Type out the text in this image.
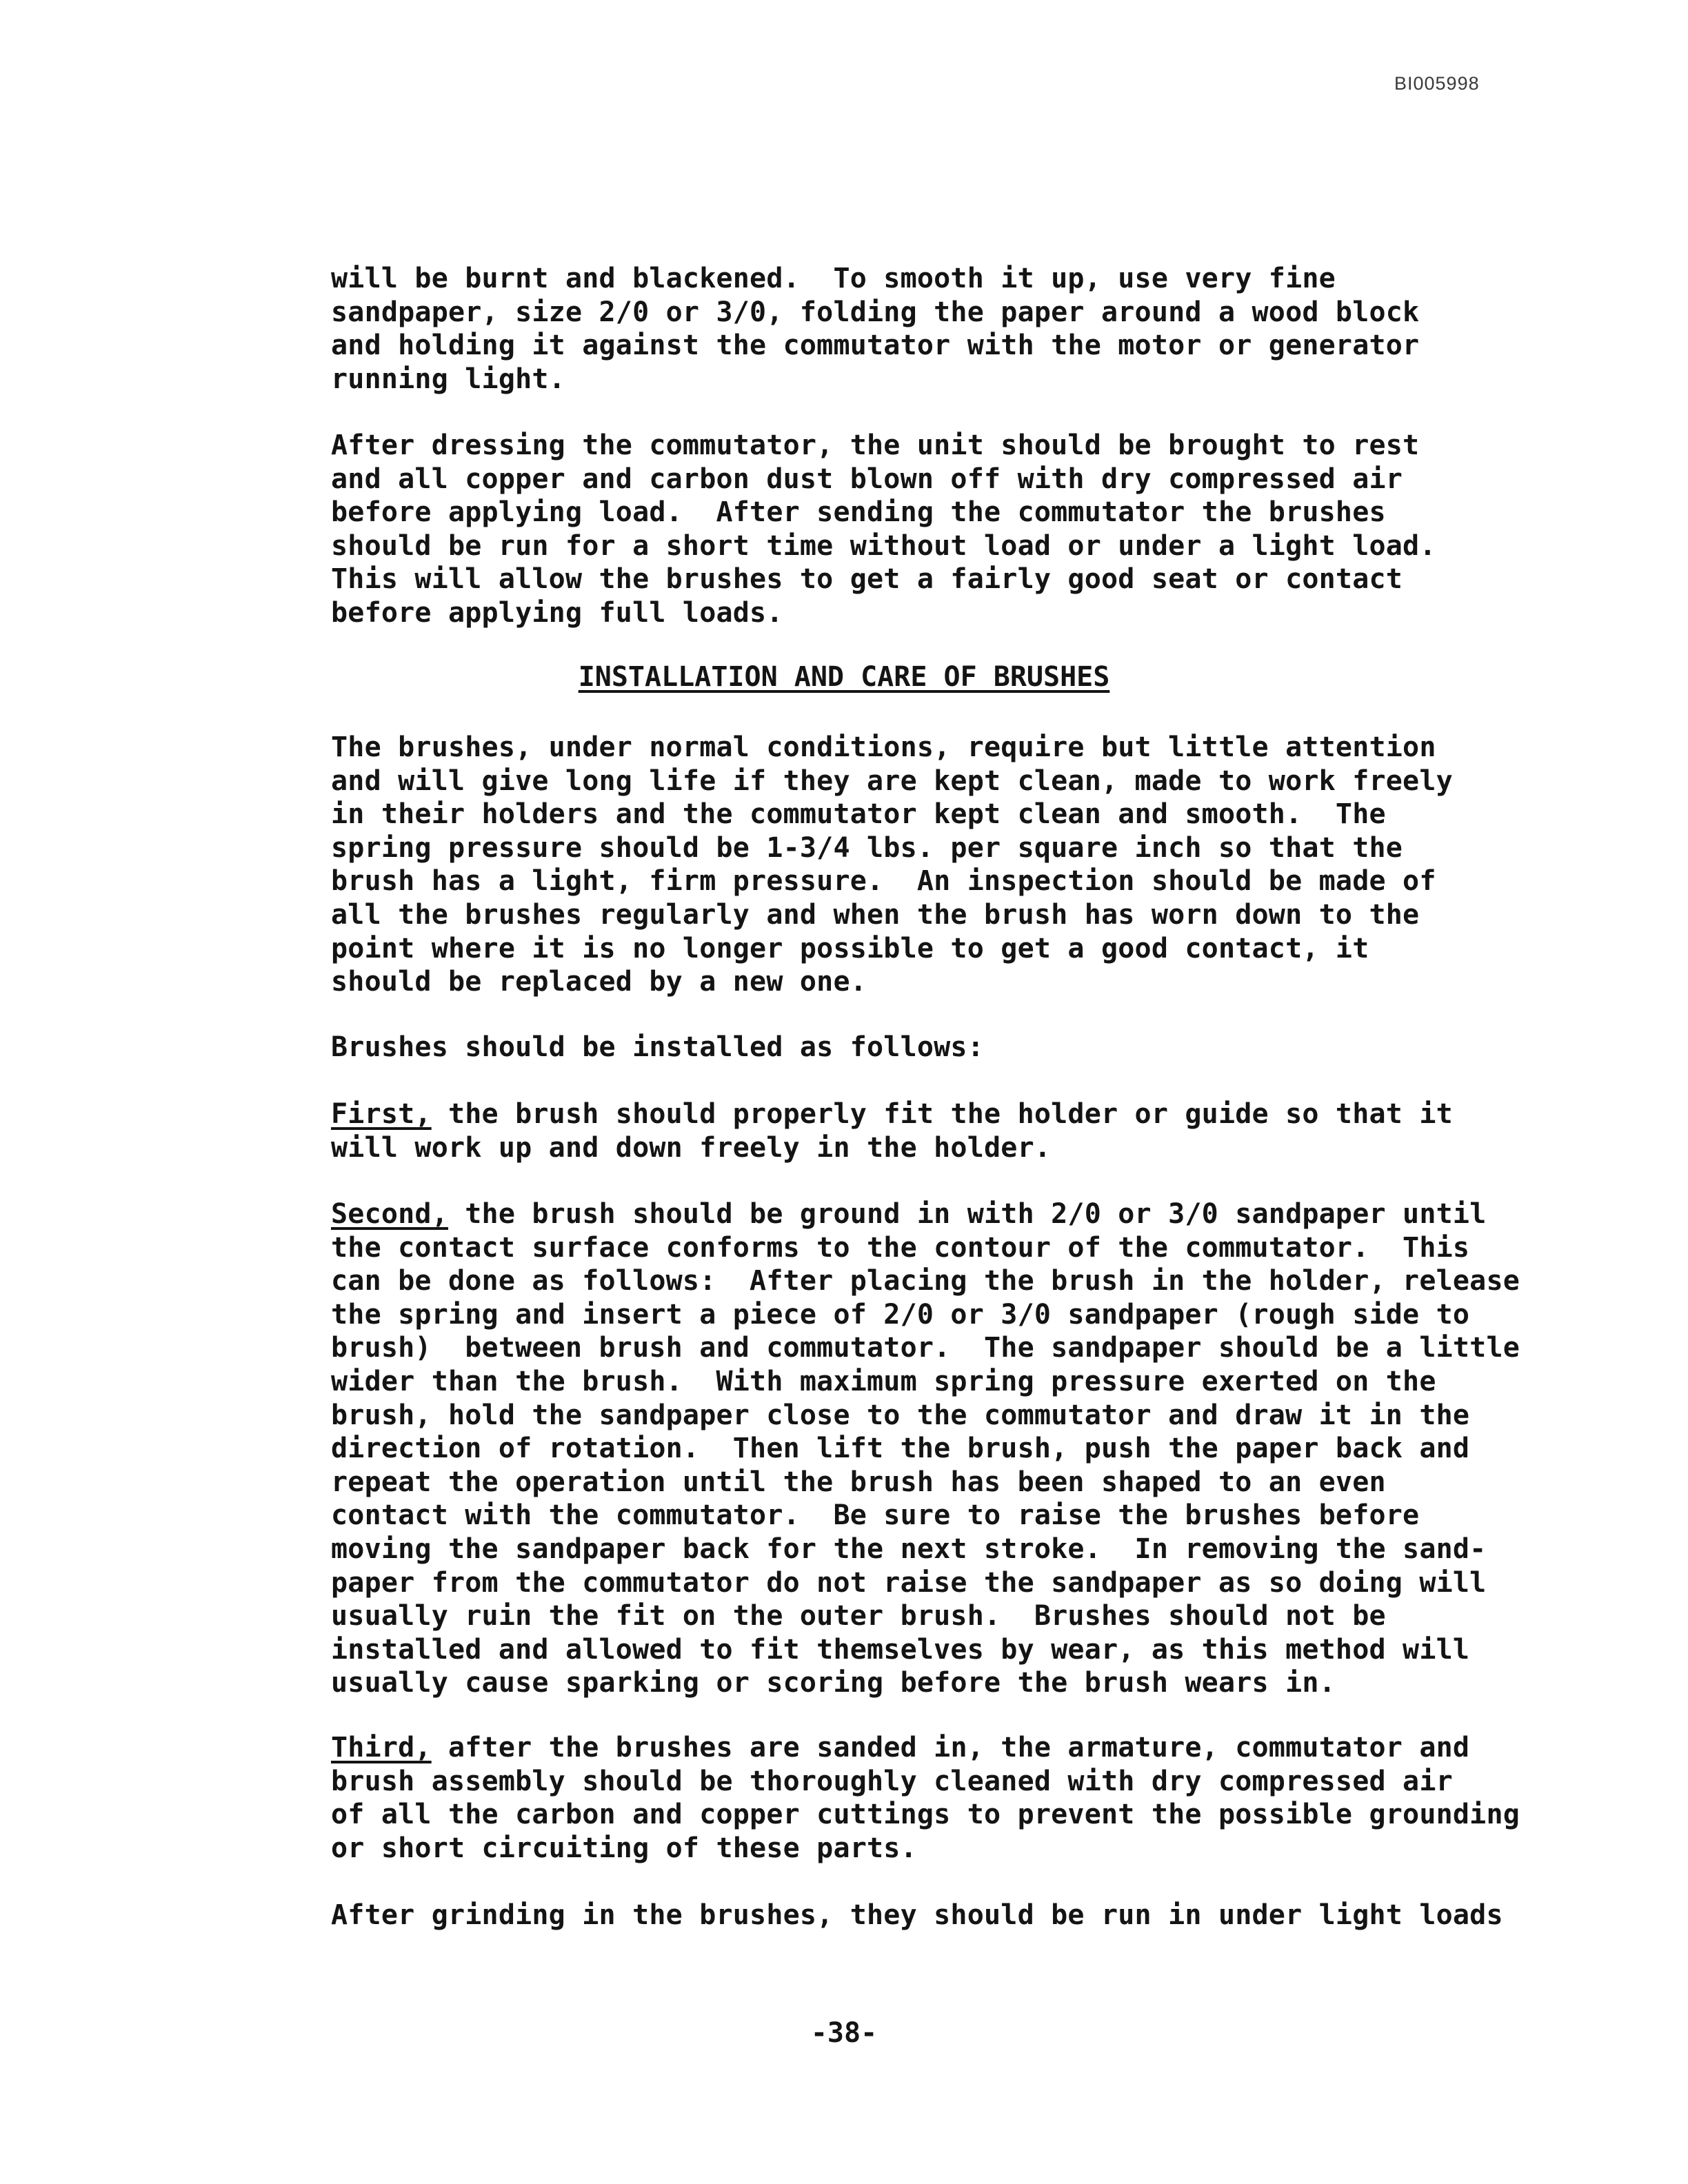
BI005998
will be burnt and blackened.  To smooth it up, use very fine
sandpaper, size 2/0 or 3/0, folding the paper around a wood block
and holding it against the commutator with the motor or generator
running light.
After dressing the commutator, the unit should be brought to rest
and all copper and carbon dust blown off with dry compressed air
before applying load.  After sending the commutator the brushes
should be run for a short time without load or under a light load.
This will allow the brushes to get a fairly good seat or contact
before applying full loads.
INSTALLATION AND CARE OF BRUSHES
The brushes, under normal conditions, require but little attention
and will give long life if they are kept clean, made to work freely
in their holders and the commutator kept clean and smooth.  The
spring pressure should be 1-3/4 lbs. per square inch so that the
brush has a light, firm pressure.  An inspection should be made of
all the brushes regularly and when the brush has worn down to the
point where it is no longer possible to get a good contact, it
should be replaced by a new one.
Brushes should be installed as follows:
First, the brush should properly fit the holder or guide so that it
will work up and down freely in the holder.
Second, the brush should be ground in with 2/0 or 3/0 sandpaper until
the contact surface conforms to the contour of the commutator.  This
can be done as follows:  After placing the brush in the holder, release
the spring and insert a piece of 2/0 or 3/0 sandpaper (rough side to
brush)  between brush and commutator.  The sandpaper should be a little
wider than the brush.  With maximum spring pressure exerted on the
brush, hold the sandpaper close to the commutator and draw it in the
direction of rotation.  Then lift the brush, push the paper back and
repeat the operation until the brush has been shaped to an even
contact with the commutator.  Be sure to raise the brushes before
moving the sandpaper back for the next stroke.  In removing the sand-
paper from the commutator do not raise the sandpaper as so doing will
usually ruin the fit on the outer brush.  Brushes should not be
installed and allowed to fit themselves by wear, as this method will
usually cause sparking or scoring before the brush wears in.
Third, after the brushes are sanded in, the armature, commutator and
brush assembly should be thoroughly cleaned with dry compressed air
of all the carbon and copper cuttings to prevent the possible grounding
or short circuiting of these parts.
After grinding in the brushes, they should be run in under light loads
-38-
